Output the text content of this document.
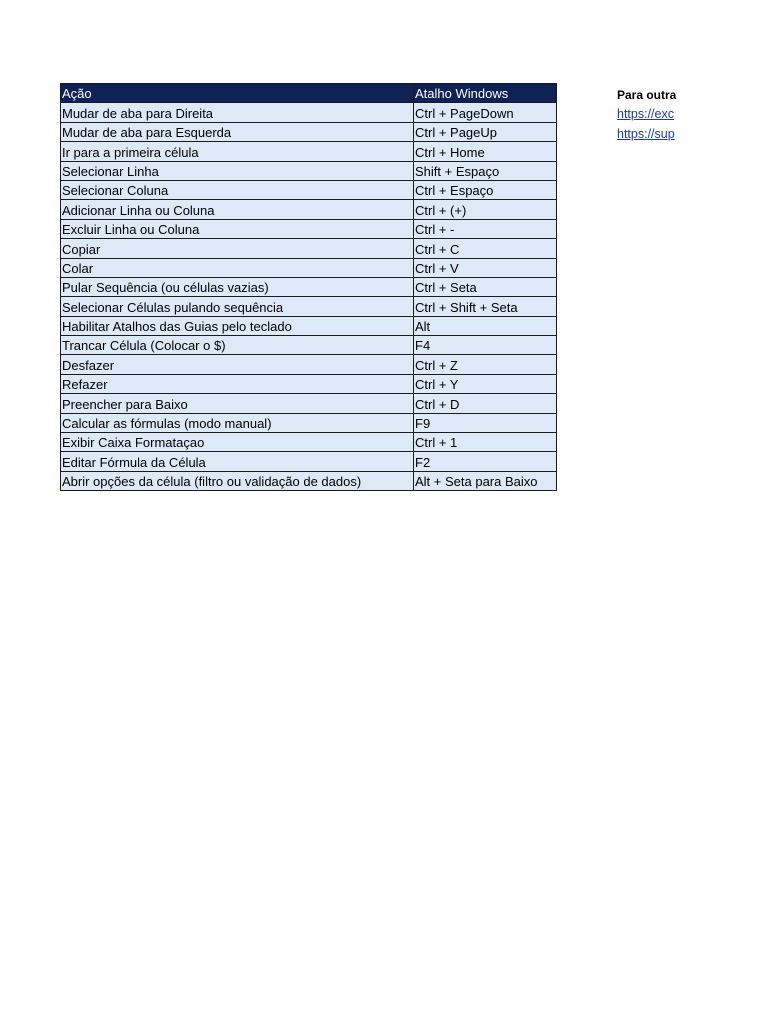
Ação	Atalho Windows
Mudar de aba para Direita	Ctrl + PageDown
Mudar de aba para Esquerda	Ctrl + PageUp
Ir para a primeira célula	Ctrl + Home
Selecionar Linha	Shift + Espaço
Selecionar Coluna	Ctrl + Espaço
Adicionar Linha ou Coluna	Ctrl + (+)
Excluir Linha ou Coluna	Ctrl + -
Copiar	Ctrl + C
Colar	Ctrl + V
Pular Sequência (ou células vazias)	Ctrl + Seta
Selecionar Células pulando sequência	Ctrl + Shift + Seta
Habilitar Atalhos das Guias pelo teclado	Alt
Trancar Célula (Colocar o $)	F4
Desfazer	Ctrl + Z
Refazer	Ctrl + Y
Preencher para Baixo	Ctrl + D
Calcular as fórmulas (modo manual)	F9
Exibir Caixa Formataçao	Ctrl + 1
Editar Fórmula da Célula	F2
Abrir opções da célula (filtro ou validação de dados)	Alt + Seta para Baixo
Para outra
https://exc
https://sup
